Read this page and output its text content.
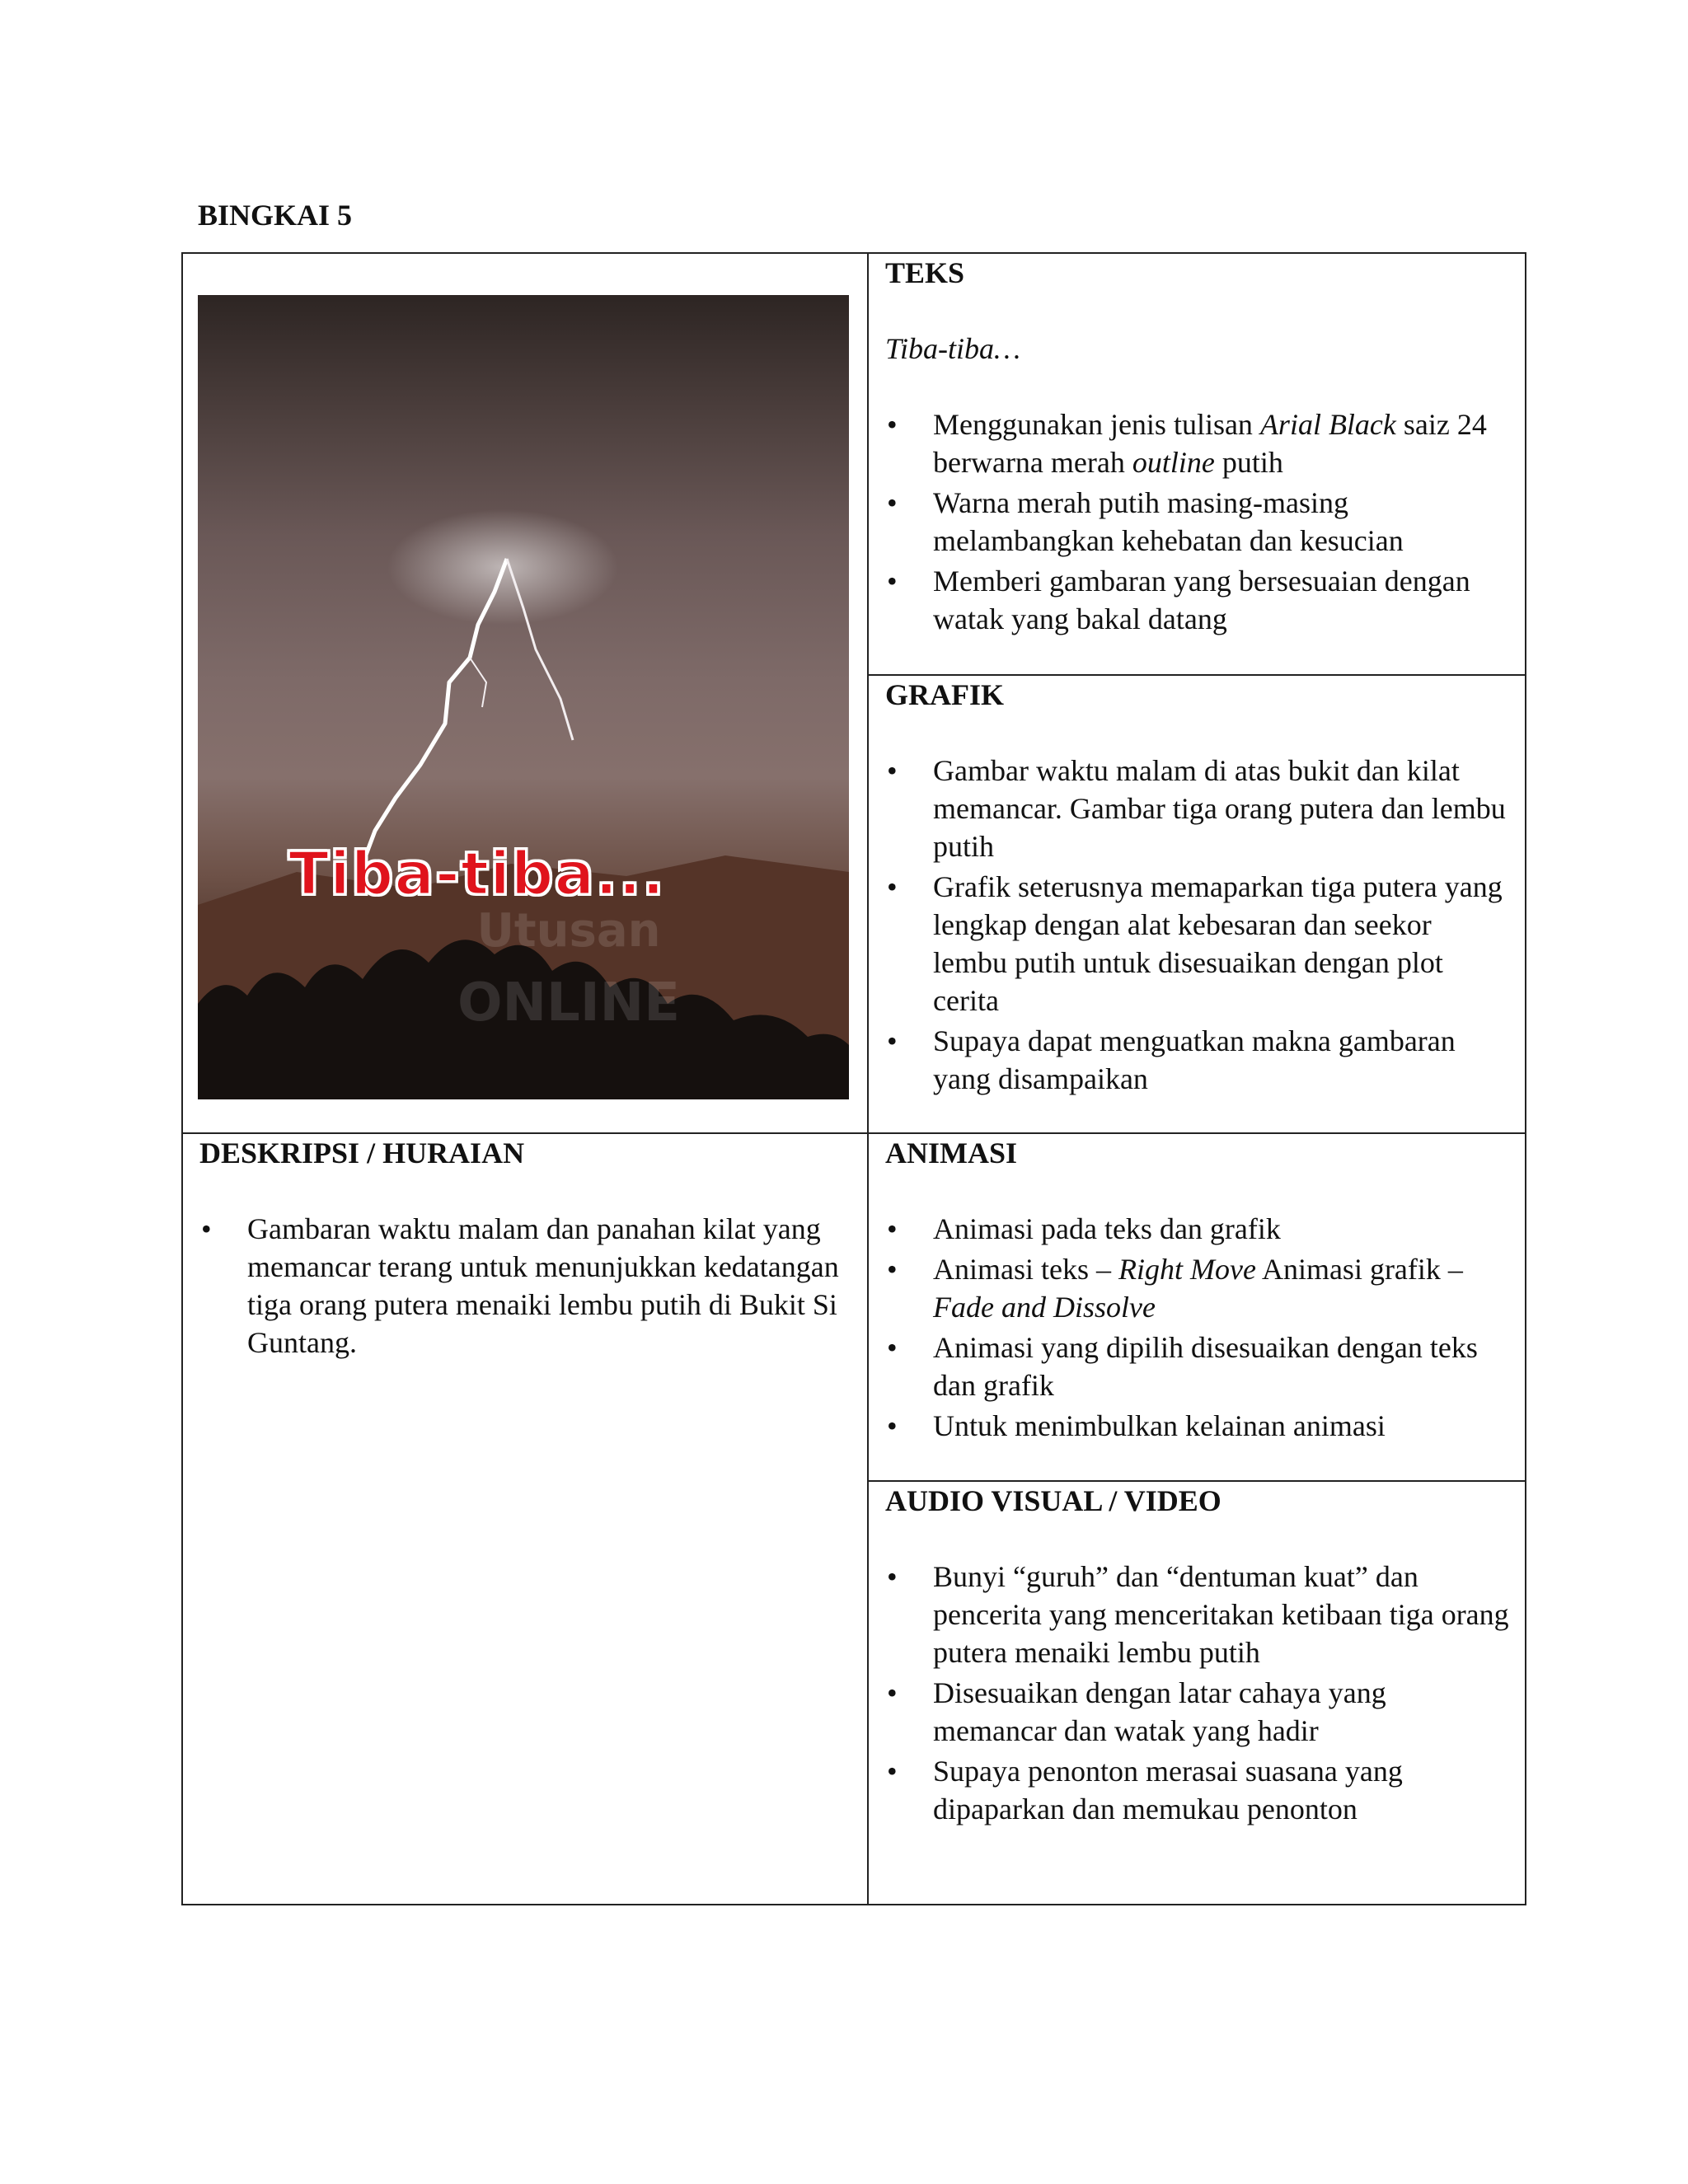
BINGKAI 5
Utusan
ONLINE

Tiba-tiba...

TEKS

Tiba-tiba…

• Menggunakan jenis tulisan Arial Black saiz 24 berwarna merah outline putih
• Warna merah putih masing-masing melambangkan kehebatan dan kesucian
• Memberi gambaran yang bersesuaian dengan watak yang bakal datang

GRAFIK

• Gambar waktu malam di atas bukit dan kilat memancar. Gambar tiga orang putera dan lembu putih
• Grafik seterusnya memaparkan tiga putera yang lengkap dengan alat kebesaran dan seekor lembu putih untuk disesuaikan dengan plot cerita
• Supaya dapat menguatkan makna gambaran yang disampaikan

DESKRIPSI / HURAIAN

• Gambaran waktu malam dan panahan kilat yang memancar terang untuk menunjukkan kedatangan tiga orang putera menaiki lembu putih di Bukit Si Guntang.

ANIMASI

• Animasi pada teks dan grafik
• Animasi teks – Right Move Animasi grafik – Fade and Dissolve
• Animasi yang dipilih disesuaikan dengan teks dan grafik
• Untuk menimbulkan kelainan animasi

AUDIO VISUAL / VIDEO

• Bunyi “guruh” dan “dentuman kuat” dan pencerita yang menceritakan ketibaan tiga orang putera menaiki lembu putih
• Disesuaikan dengan latar cahaya yang memancar dan watak yang hadir
• Supaya penonton merasai suasana yang dipaparkan dan memukau penonton
